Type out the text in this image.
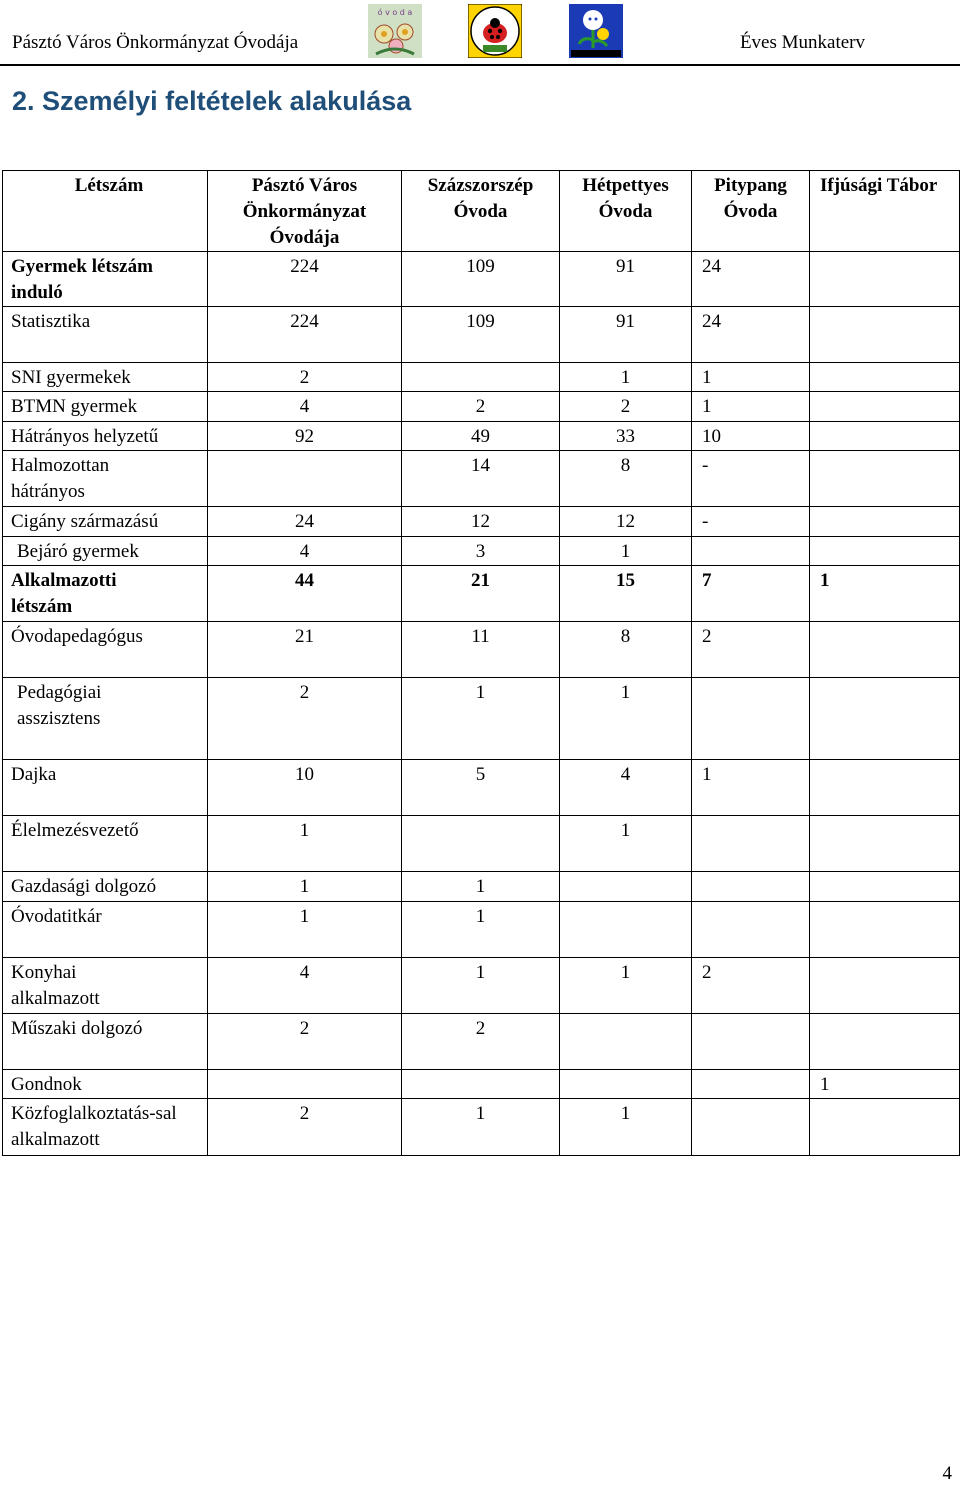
Pásztó Város Önkormányzat Óvodája	Éves Munkaterv
ó v o d a
2. Személyi feltételek alakulása
Létszám	Pásztó Város Önkormányzat Óvodája	Százszorszép Óvoda	Hétpettyes Óvoda	Pitypang Óvoda	Ifjúsági Tábor

Gyermek létszám induló	224	109	91	24	

Statisztika	224	109	91	24	

SNI gyermekek	2		1	1	

BTMN gyermek	4	2	2	1	

Hátrányos helyzetű	92	49	33	10	

Halmozottan hátrányos		14	8	-	

Cigány származású	24	12	12	-	

Bejáró gyermek	4	3	1		

Alkalmazotti létszám	44	21	15	7	1

Óvodapedagógus	21	11	8	2	

Pedagógiai asszisztens	2	1	1		

Dajka	10	5	4	1	

Élelmezésvezető	1		1		

Gazdasági dolgozó	1	1			

Óvodatitkár	1	1			

Konyhai alkalmazott	4	1	1	2	

Műszaki dolgozó	2	2			

Gondnok					1

Közfoglalkoztatás-sal alkalmazott	2	1	1		
4
